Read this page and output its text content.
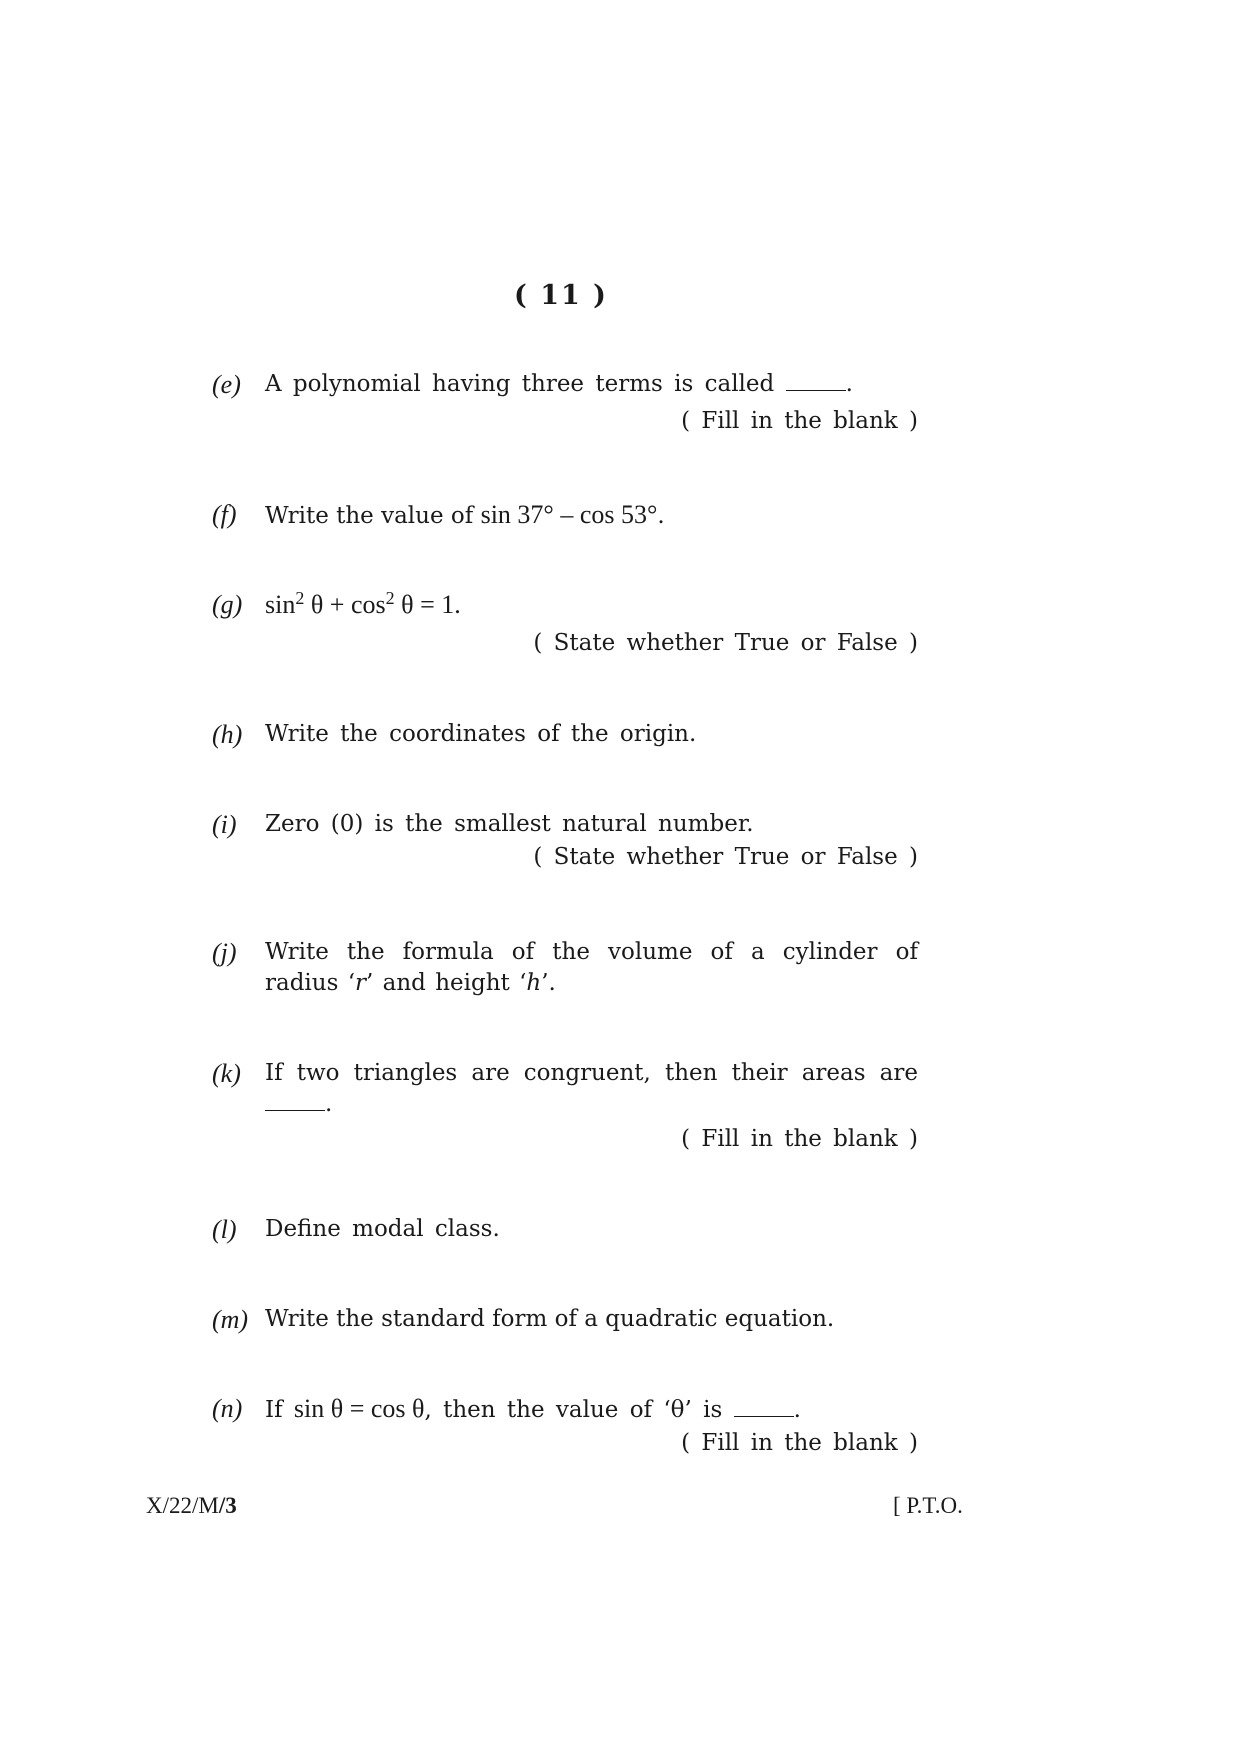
( 11 )
(e) A polynomial having three terms is called	.
( Fill in the blank )
(f) Write the value of sin 37° – cos 53°.
(g) $\sin^2 \theta + \cos^2 \theta = 1$.
( State whether True or False )
(h) Write the coordinates of the origin.
(i) Zero (0) is the smallest natural number.
( State whether True or False )
(j) Write the formula of the volume of a cylinder of radius ‘r’ and height ‘h’.
(k) If two triangles are congruent, then their areas are .
( Fill in the blank )
(l) Define modal class.
(m) Write the standard form of a quadratic equation.
(n) If sin θ = cos θ, then the value of ‘θ’ is	.
( Fill in the blank )
X/22/M/3	[ P.T.O.
